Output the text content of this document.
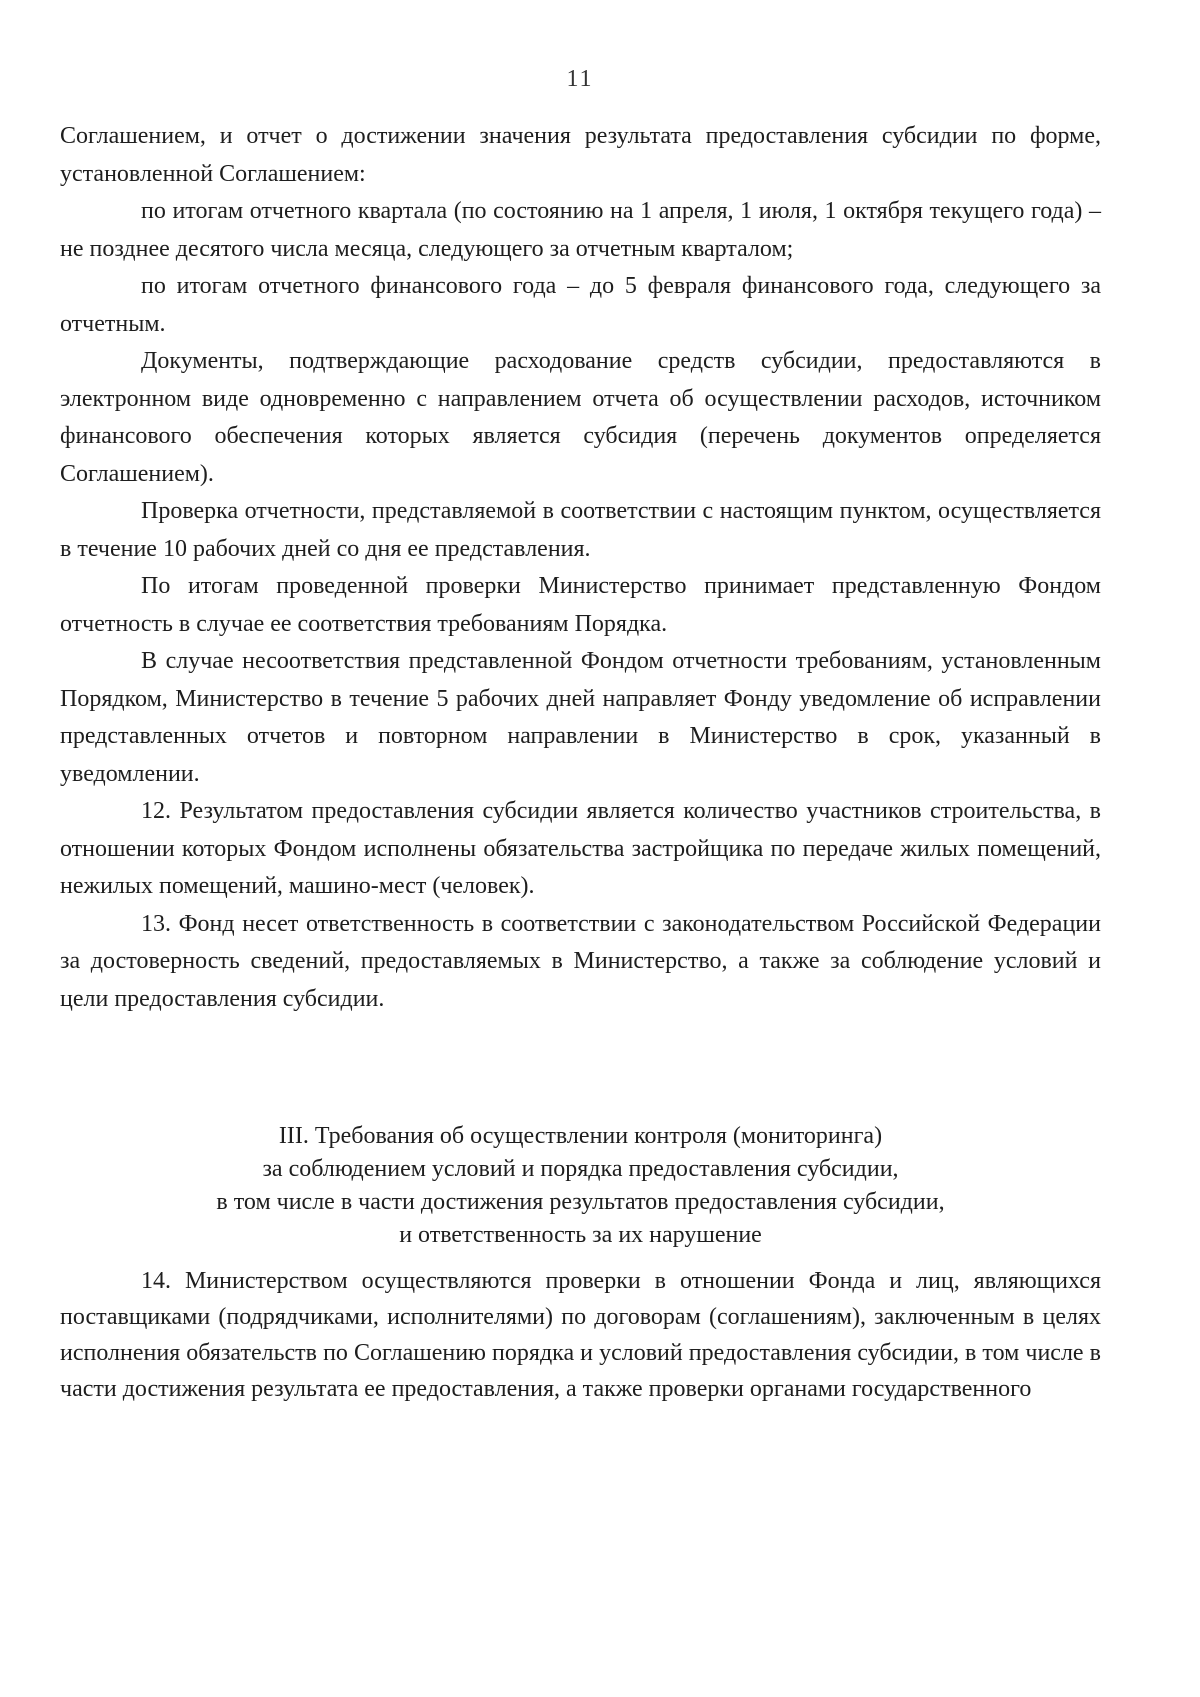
11

Соглашением, и отчет о достижении значения результата предоставления субсидии по форме, установленной Соглашением:

по итогам отчетного квартала (по состоянию на 1 апреля, 1 июля, 1 октября текущего года) – не позднее десятого числа месяца, следующего за отчетным кварталом;

по итогам отчетного финансового года – до 5 февраля финансового года, следующего за отчетным.

Документы, подтверждающие расходование средств субсидии, предоставляются в электронном виде одновременно с направлением отчета об осуществлении расходов, источником финансового обеспечения которых является субсидия (перечень документов определяется Соглашением).

Проверка отчетности, представляемой в соответствии с настоящим пунктом, осуществляется в течение 10 рабочих дней со дня ее представления.

По итогам проведенной проверки Министерство принимает представленную Фондом отчетность в случае ее соответствия требованиям Порядка.

В случае несоответствия представленной Фондом отчетности требованиям, установленным Порядком, Министерство в течение 5 рабочих дней направляет Фонду уведомление об исправлении представленных отчетов и повторном направлении в Министерство в срок, указанный в уведомлении.

12. Результатом предоставления субсидии является количество участников строительства, в отношении которых Фондом исполнены обязательства застройщика по передаче жилых помещений, нежилых помещений, машино-мест (человек).

13. Фонд несет ответственность в соответствии с законодательством Российской Федерации за достоверность сведений, предоставляемых в Министерство, а также за соблюдение условий и цели предоставления субсидии.

III. Требования об осуществлении контроля (мониторинга)
за соблюдением условий и порядка предоставления субсидии,
в том числе в части достижения результатов предоставления субсидии,
и ответственность за их нарушение

14. Министерством осуществляются проверки в отношении Фонда и лиц, являющихся поставщиками (подрядчиками, исполнителями) по договорам (соглашениям), заключенным в целях исполнения обязательств по Соглашению порядка и условий предоставления субсидии, в том числе в части достижения результата ее предоставления, а также проверки органами государственного
